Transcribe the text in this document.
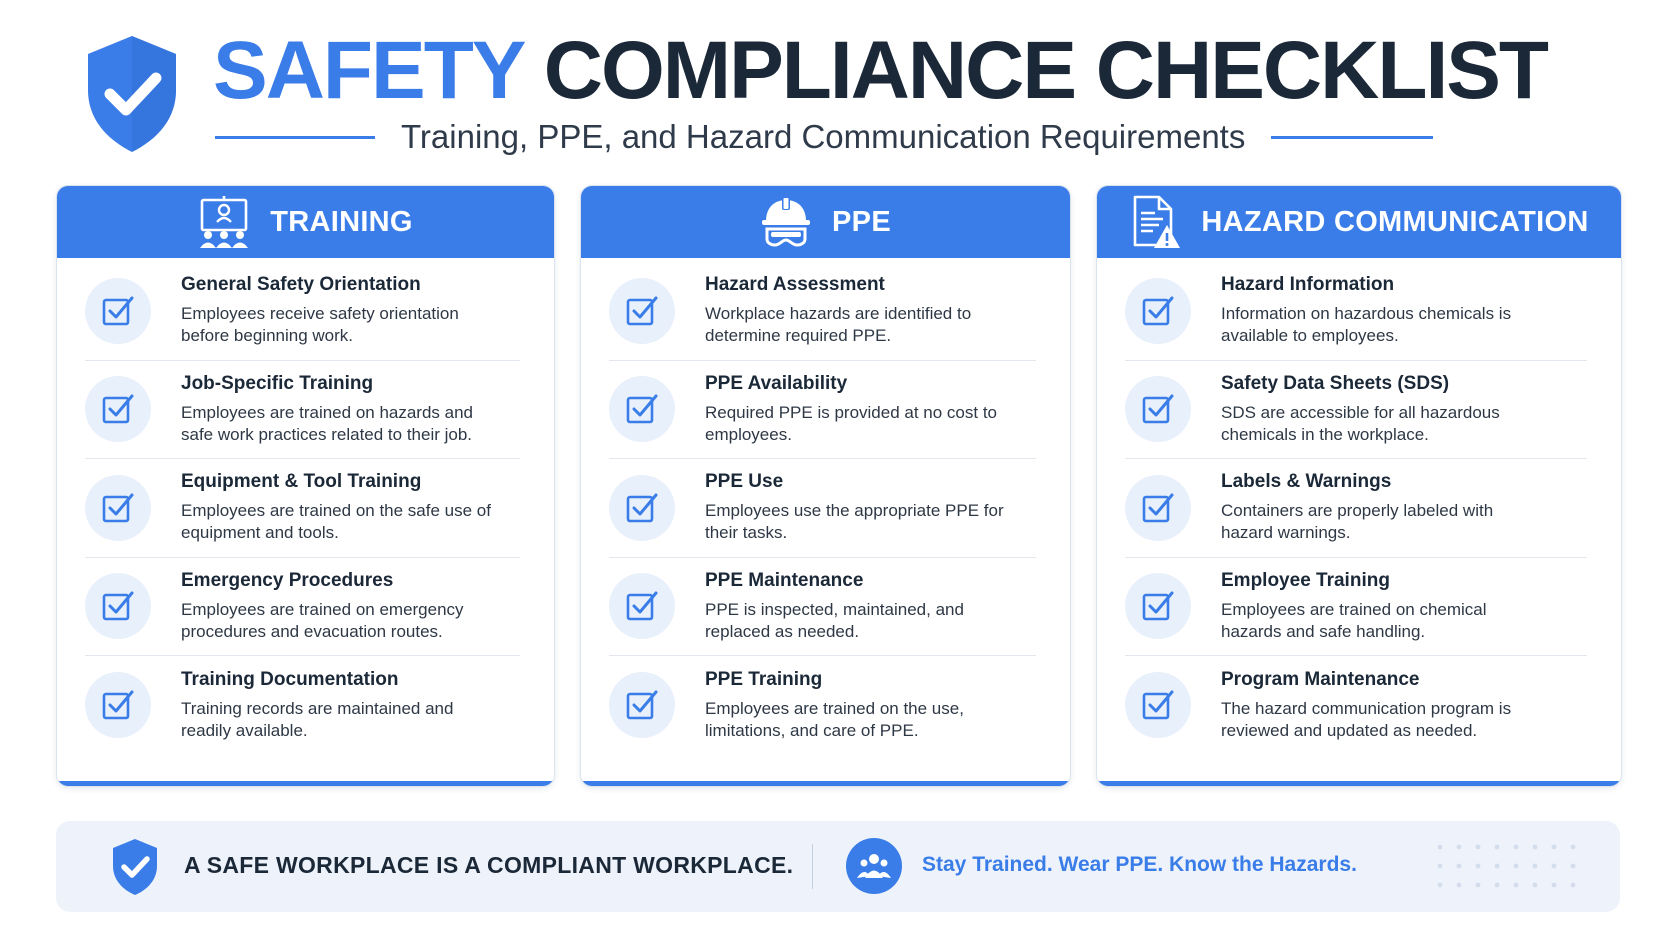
SAFETY COMPLIANCE CHECKLIST
Training, PPE, and Hazard Communication Requirements
TRAINING
General Safety Orientation
Employees receive safety orientation before beginning work.
Job-Specific Training
Employees are trained on hazards and safe work practices related to their job.
Equipment & Tool Training
Employees are trained on the safe use of equipment and tools.
Emergency Procedures
Employees are trained on emergency procedures and evacuation routes.
Training Documentation
Training records are maintained and readily available.
PPE
Hazard Assessment
Workplace hazards are identified to determine required PPE.
PPE Availability
Required PPE is provided at no cost to employees.
PPE Use
Employees use the appropriate PPE for their tasks.
PPE Maintenance
PPE is inspected, maintained, and replaced as needed.
PPE Training
Employees are trained on the use, limitations, and care of PPE.
HAZARD COMMUNICATION
Hazard Information
Information on hazardous chemicals is available to employees.
Safety Data Sheets (SDS)
SDS are accessible for all hazardous chemicals in the workplace.
Labels & Warnings
Containers are properly labeled with hazard warnings.
Employee Training
Employees are trained on chemical hazards and safe handling.
Program Maintenance
The hazard communication program is reviewed and updated as needed.
A SAFE WORKPLACE IS A COMPLIANT WORKPLACE.	Stay Trained. Wear PPE. Know the Hazards.
